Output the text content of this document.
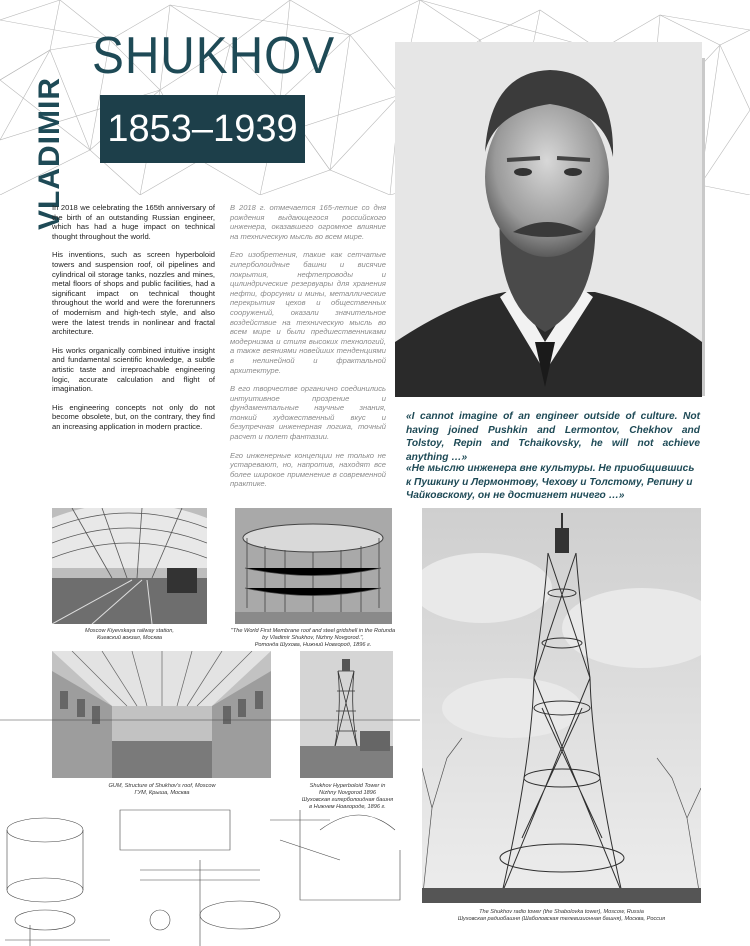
VLADIMIR
SHUKHOV
1853–1939

In 2018 we celebrating the 165th anniversary of the birth of an outstanding Russian engineer, which has had a huge impact on technical thought throughout the world.

His inventions, such as screen hyperboloid towers and suspension roof, oil pipelines and cylindrical oil storage tanks, nozzles and mines, metal floors of shops and public facilities, had a significant impact on technical thought throughout the world and were the forerunners of modernism and high-tech style, and also were the latest trends in nonlinear and fractal architecture.

His works organically combined intuitive insight and fundamental scientific knowledge, a subtle artistic taste and irreproachable engineering logic, accurate calculation and flight of imagination.

His engineering concepts not only do not become obsolete, but, on the contrary, they find an increasing application in modern practice.

В 2018 г. отмечается 165-летие со дня рождения выдающегося российского инженера, оказавшего огромное влияние на техническую мысль во всем мире.

Его изобретения, такие как сетчатые гиперболоидные башни и висячие покрытия, нефтепроводы и цилиндрические резервуары для хранения нефти, форсунки и мины, металлические перекрытия цехов и общественных сооружений, оказали значительное воздействие на техническую мысль во всем мире и были предшественниками модернизма и стиля высоких технологий, а также веяниями новейших тенденциями в нелинейной и фрактальной архитектуре.

В его творчестве органично соединились интуитивное прозрение и фундаментальные научные знания, тонкий художественный вкус и безупречная инженерная логика, точный расчет и полет фантазии.

Его инженерные концепции не только не устаревают, но, напротив, находят все более широкое применение в современной практике.

«I cannot imagine of an engineer outside of culture. Not having joined Pushkin and Lermontov, Chekhov and Tolstoy, Repin and Tchaikovsky, he will not achieve anything …»

«Не мыслю инженера вне культуры. Не приобщившись к Пушкину и Лермонтову, Чехову и Толстому, Репину и Чайковскому, он не достигнет ничего …»

Moscow Kiyevskaya railway station,
Киевский вокзал, Москва
"The World First Membrane roof and steel gridshell in the Rotunda by Vladimir Shukhov, Nizhny Novgorod.",
Ротонда Шухова, Нижний Новгород, 1896 г.
GUM, Structure of Shukhov's roof, Moscow
ГУМ, Крыша, Москва
Shukhov Hyperboloid Tower in
Nizhny Novgorod 1896
Шуховская гиперболоидная башня
в Нижнем Новгороде, 1896 г.
The Shukhov radio tower (the Shabolovka tower), Moscow, Russia
Шуховская радиобашня (Шаболовская телевизионная башня), Москва, Россия
